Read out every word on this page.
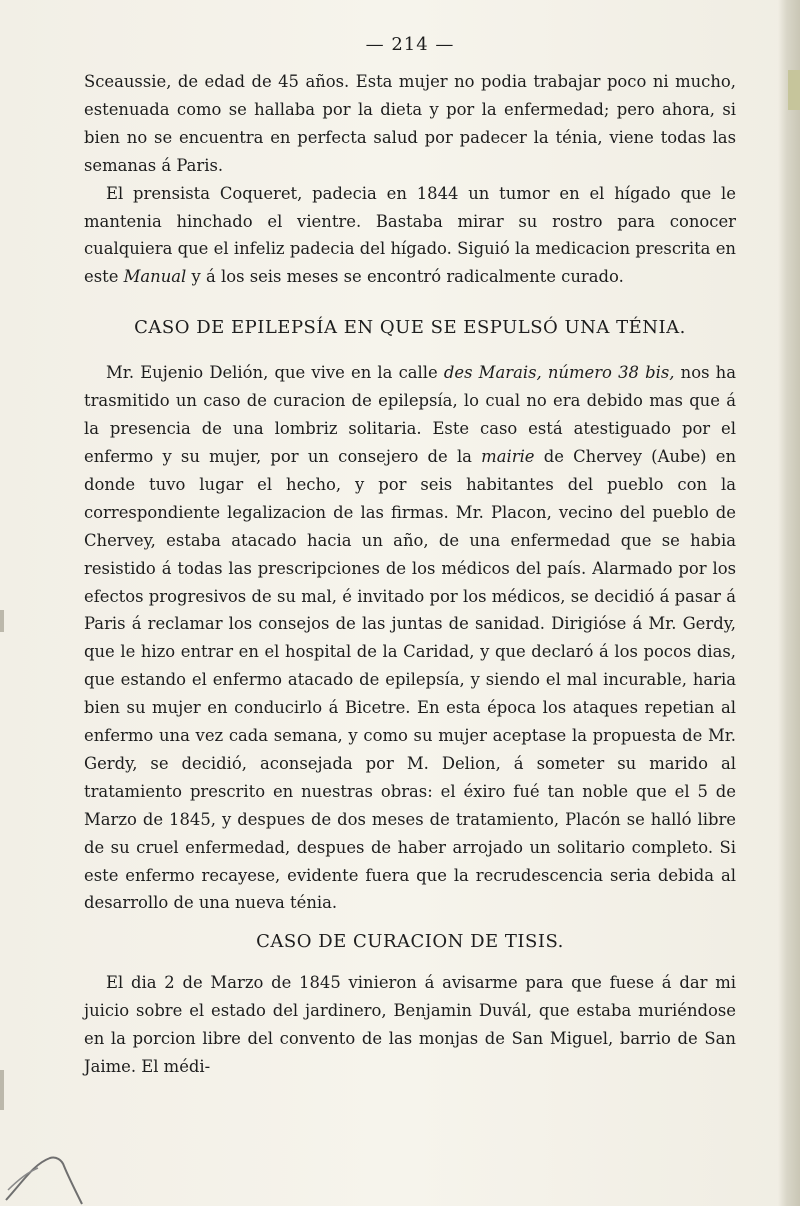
— 214 —

Sceaussie, de edad de 45 años. Esta mujer no podia trabajar poco ni mucho, estenuada como se hallaba por la dieta y por la enfermedad; pero ahora, si bien no se encuentra en perfecta salud por padecer la ténia, viene todas las semanas á Paris.

El prensista Coqueret, padecia en 1844 un tumor en el hígado que le mantenia hinchado el vientre. Bastaba mirar su rostro para conocer cualquiera que el infeliz padecia del hígado. Siguió la medicacion prescrita en este Manual y á los seis meses se encontró radicalmente curado.

CASO DE EPILEPSÍA EN QUE SE ESPULSÓ UNA TÉNIA.

Mr. Eujenio Delión, que vive en la calle des Marais, número 38 bis, nos ha trasmitido un caso de curacion de epilepsía, lo cual no era debido mas que á la presencia de una lombriz solitaria. Este caso está atestiguado por el enfermo y su mujer, por un consejero de la mairie de Chervey (Aube) en donde tuvo lugar el hecho, y por seis habitantes del pueblo con la correspondiente legalizacion de las firmas. Mr. Placon, vecino del pueblo de Chervey, estaba atacado hacia un año, de una enfermedad que se habia resistido á todas las prescripciones de los médicos del país. Alarmado por los efectos progresivos de su mal, é invitado por los médicos, se decidió á pasar á Paris á reclamar los consejos de las juntas de sanidad. Dirigióse á Mr. Gerdy, que le hizo entrar en el hospital de la Caridad, y que declaró á los pocos dias, que estando el enfermo atacado de epilepsía, y siendo el mal incurable, haria bien su mujer en conducirlo á Bicetre. En esta época los ataques repetian al enfermo una vez cada semana, y como su mujer aceptase la propuesta de Mr. Gerdy, se decidió, aconsejada por M. Delion, á someter su marido al tratamiento prescrito en nuestras obras: el éxiro fué tan noble que el 5 de Marzo de 1845, y despues de dos meses de tratamiento, Placón se halló libre de su cruel enfermedad, despues de haber arrojado un solitario completo. Si este enfermo recayese, evidente fuera que la recrudescencia seria debida al desarrollo de una nueva ténia.

CASO DE CURACION DE TISIS.

El dia 2 de Marzo de 1845 vinieron á avisarme para que fuese á dar mi juicio sobre el estado del jardinero, Benjamin Duvál, que estaba muriéndose en la porcion libre del convento de las monjas de San Miguel, barrio de San Jaime. El médi-
